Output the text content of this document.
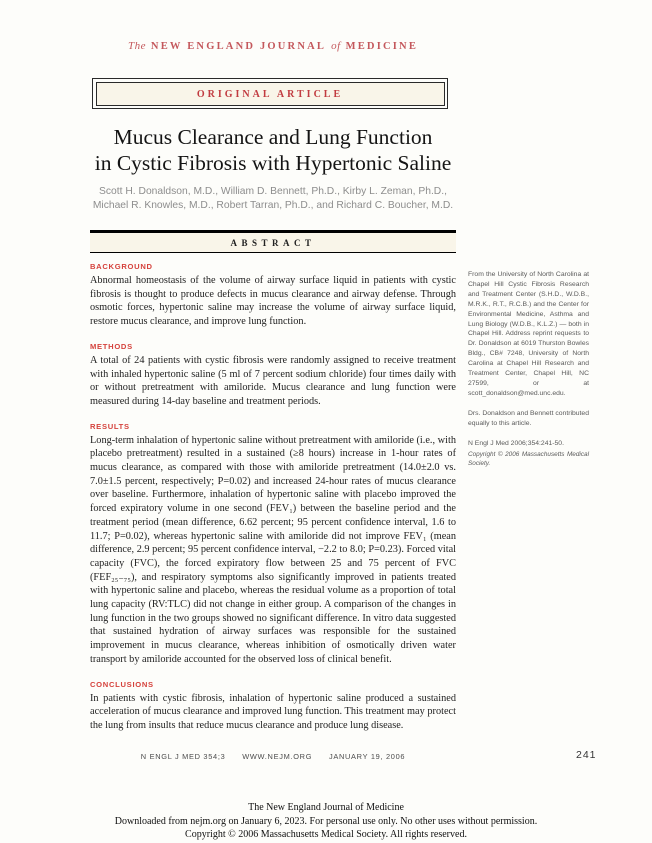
The NEW ENGLAND JOURNAL of MEDICINE
ORIGINAL ARTICLE
Mucus Clearance and Lung Function
in Cystic Fibrosis with Hypertonic Saline
Scott H. Donaldson, M.D., William D. Bennett, Ph.D., Kirby L. Zeman, Ph.D.,
Michael R. Knowles, M.D., Robert Tarran, Ph.D., and Richard C. Boucher, M.D.
ABSTRACT
BACKGROUND
Abnormal homeostasis of the volume of airway surface liquid in patients with cystic fibrosis is thought to produce defects in mucus clearance and airway defense. Through osmotic forces, hypertonic saline may increase the volume of airway surface liquid, restore mucus clearance, and improve lung function.
METHODS
A total of 24 patients with cystic fibrosis were randomly assigned to receive treatment with inhaled hypertonic saline (5 ml of 7 percent sodium chloride) four times daily with or without pretreatment with amiloride. Mucus clearance and lung function were measured during 14-day baseline and treatment periods.
RESULTS
Long-term inhalation of hypertonic saline without pretreatment with amiloride (i.e., with placebo pretreatment) resulted in a sustained (≥8 hours) increase in 1-hour rates of mucus clearance, as compared with those with amiloride pretreatment (14.0±2.0 vs. 7.0±1.5 percent, respectively; P=0.02) and increased 24-hour rates of mucus clearance over baseline. Furthermore, inhalation of hypertonic saline with placebo improved the forced expiratory volume in one second (FEV₁) between the baseline period and the treatment period (mean difference, 6.62 percent; 95 percent confidence interval, 1.6 to 11.7; P=0.02), whereas hypertonic saline with amiloride did not improve FEV₁ (mean difference, 2.9 percent; 95 percent confidence interval, −2.2 to 8.0; P=0.23). Forced vital capacity (FVC), the forced expiratory flow between 25 and 75 percent of FVC (FEF₂₅₋₇₅), and respiratory symptoms also significantly improved in patients treated with hypertonic saline and placebo, whereas the residual volume as a proportion of total lung capacity (RV:TLC) did not change in either group. A comparison of the changes in lung function in the two groups showed no significant difference. In vitro data suggested that sustained hydration of airway surfaces was responsible for the sustained improvement in mucus clearance, whereas inhibition of osmotically driven water transport by amiloride accounted for the observed loss of clinical benefit.
CONCLUSIONS
In patients with cystic fibrosis, inhalation of hypertonic saline produced a sustained acceleration of mucus clearance and improved lung function. This treatment may protect the lung from insults that reduce mucus clearance and produce lung disease.
From the University of North Carolina at Chapel Hill Cystic Fibrosis Research and Treatment Center (S.H.D., W.D.B., M.R.K., R.T., R.C.B.) and the Center for Environmental Medicine, Asthma and Lung Biology (W.D.B., K.L.Z.) — both in Chapel Hill. Address reprint requests to Dr. Donaldson at 6019 Thurston Bowles Bldg., CB# 7248, University of North Carolina at Chapel Hill Research and Treatment Center, Chapel Hill, NC 27599, or at scott_donaldson@med.unc.edu.
Drs. Donaldson and Bennett contributed equally to this article.
N Engl J Med 2006;354:241-50.
Copyright © 2006 Massachusetts Medical Society.
N ENGL J MED 354;3 WWW.NEJM.ORG JANUARY 19, 2006	241
The New England Journal of Medicine
Downloaded from nejm.org on January 6, 2023. For personal use only. No other uses without permission.
Copyright © 2006 Massachusetts Medical Society. All rights reserved.
